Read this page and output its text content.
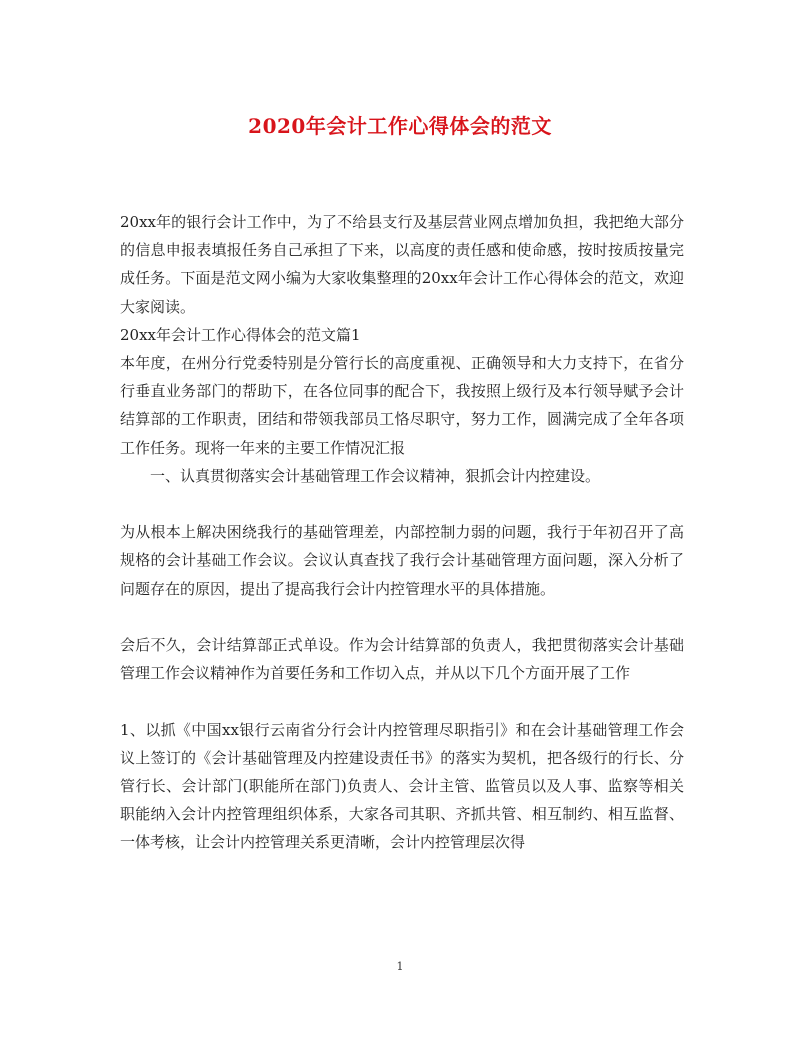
2020年会计工作心得体会的范文

20xx年的银行会计工作中，为了不给县支行及基层营业网点增加负担，我把绝大部分的信息申报表填报任务自己承担了下来，以高度的责任感和使命感，按时按质按量完成任务。下面是范文网小编为大家收集整理的20xx年会计工作心得体会的范文，欢迎大家阅读。

20xx年会计工作心得体会的范文篇1

本年度，在州分行党委特别是分管行长的高度重视、正确领导和大力支持下，在省分行垂直业务部门的帮助下，在各位同事的配合下，我按照上级行及本行领导赋予会计结算部的工作职责，团结和带领我部员工恪尽职守，努力工作，圆满完成了全年各项工作任务。现将一年来的主要工作情况汇报

一、认真贯彻落实会计基础管理工作会议精神，狠抓会计内控建设。

为从根本上解决困绕我行的基础管理差，内部控制力弱的问题，我行于年初召开了高规格的会计基础工作会议。会议认真查找了我行会计基础管理方面问题，深入分析了问题存在的原因，提出了提高我行会计内控管理水平的具体措施。

会后不久，会计结算部正式单设。作为会计结算部的负责人，我把贯彻落实会计基础管理工作会议精神作为首要任务和工作切入点，并从以下几个方面开展了工作

1、以抓《中国xx银行云南省分行会计内控管理尽职指引》和在会计基础管理工作会议上签订的《会计基础管理及内控建设责任书》的落实为契机，把各级行的行长、分管行长、会计部门(职能所在部门)负责人、会计主管、监管员以及人事、监察等相关职能纳入会计内控管理组织体系，大家各司其职、齐抓共管、相互制约、相互监督、一体考核，让会计内控管理关系更清晰，会计内控管理层次得

1
